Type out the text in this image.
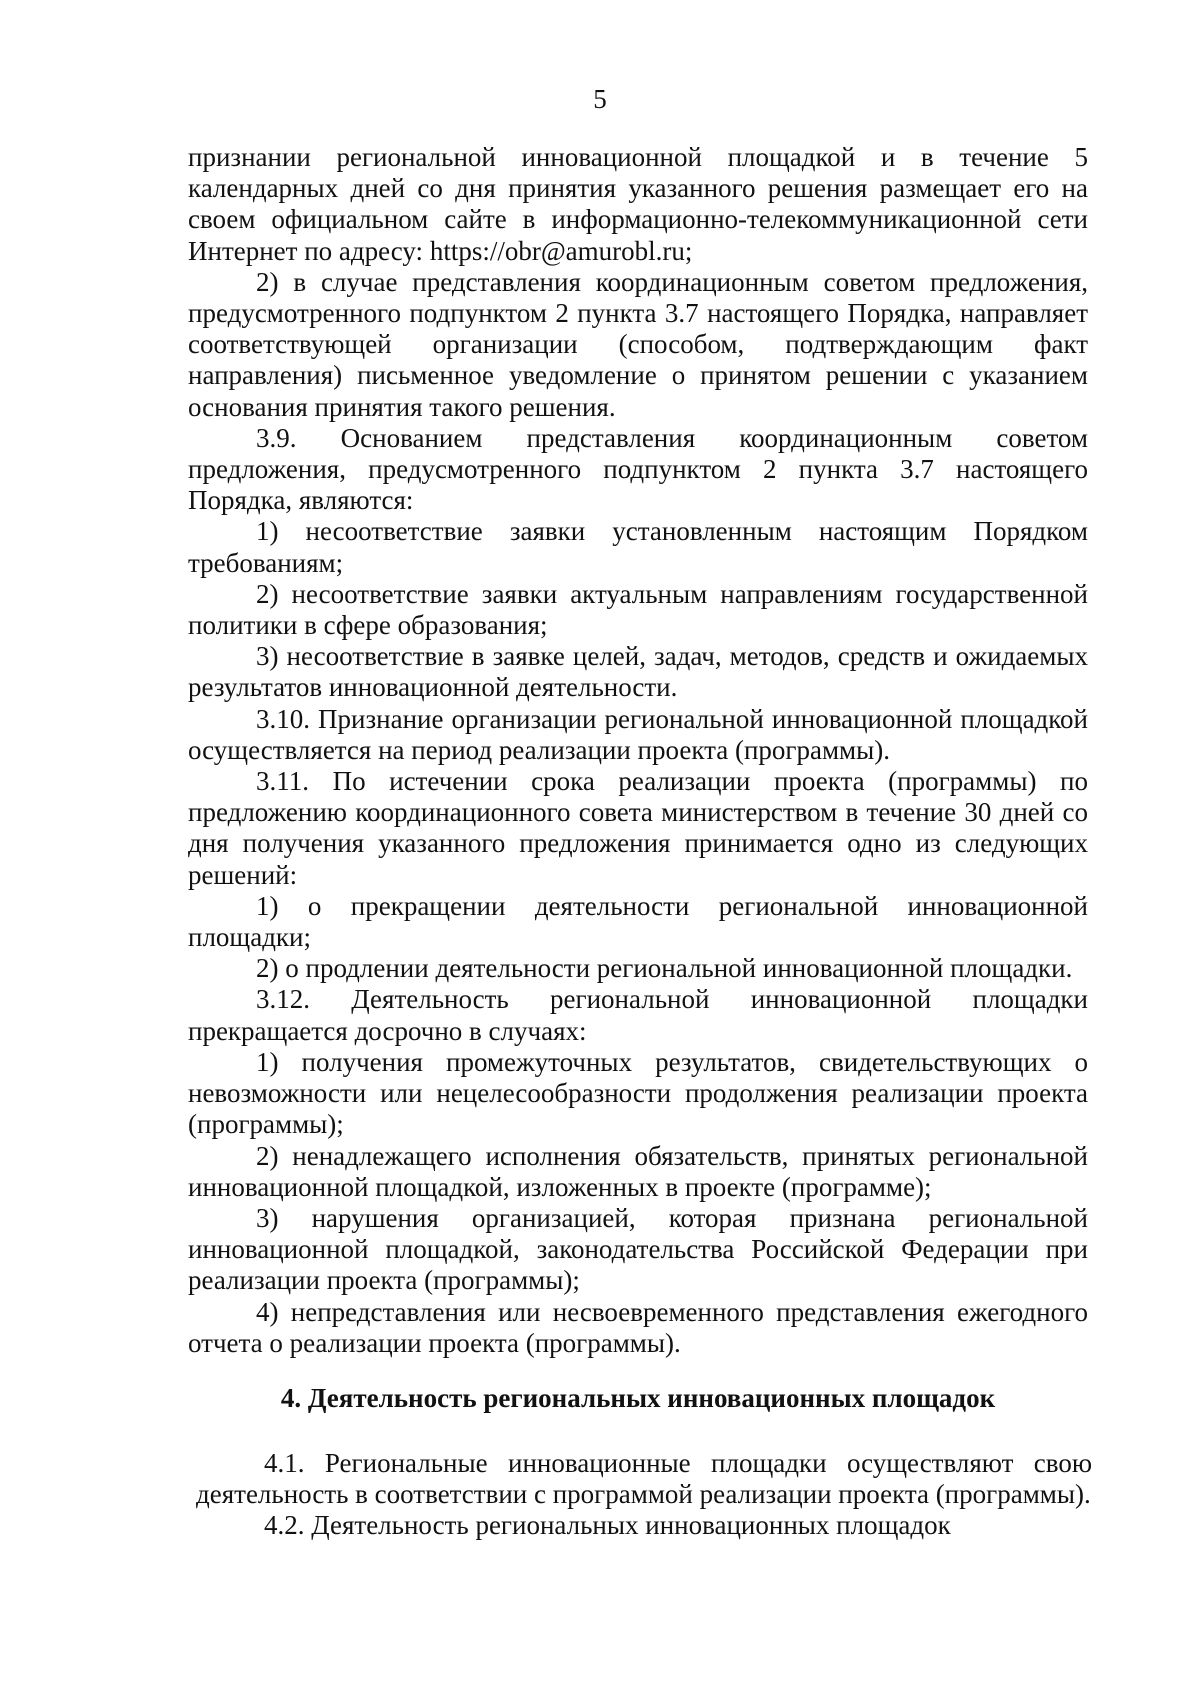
5

признании региональной инновационной площадкой и в течение 5 календарных дней со дня принятия указанного решения размещает его на своем официальном сайте в информационно-телекоммуникационной сети Интернет по адресу: https://obr@amurobl.ru;

2) в случае представления координационным советом предложения, предусмотренного подпунктом 2 пункта 3.7 настоящего Порядка, направляет соответствующей организации (способом, подтверждающим факт направления) письменное уведомление о принятом решении с указанием основания принятия такого решения.

3.9. Основанием представления координационным советом предложения, предусмотренного подпунктом 2 пункта 3.7 настоящего Порядка, являются:

1) несоответствие заявки установленным настоящим Порядком требованиям;

2) несоответствие заявки актуальным направлениям государственной политики в сфере образования;

3) несоответствие в заявке целей, задач, методов, средств и ожидаемых результатов инновационной деятельности.

3.10. Признание организации региональной инновационной площадкой осуществляется на период реализации проекта (программы).

3.11. По истечении срока реализации проекта (программы) по предложению координационного совета министерством в течение 30 дней со дня получения указанного предложения принимается одно из следующих решений:

1) о прекращении деятельности региональной инновационной площадки;

2) о продлении деятельности региональной инновационной площадки.

3.12. Деятельность региональной инновационной площадки прекращается досрочно в случаях:

1) получения промежуточных результатов, свидетельствующих о невозможности или нецелесообразности продолжения реализации проекта (программы);

2) ненадлежащего исполнения обязательств, принятых региональной инновационной площадкой, изложенных в проекте (программе);

3) нарушения организацией, которая признана региональной инновационной площадкой, законодательства Российской Федерации при реализации проекта (программы);

4) непредставления или несвоевременного представления ежегодного отчета о реализации проекта (программы).

4. Деятельность региональных инновационных площадок

4.1. Региональные инновационные площадки осуществляют свою деятельность в соответствии с программой реализации проекта (программы).

4.2. Деятельность региональных инновационных площадок
